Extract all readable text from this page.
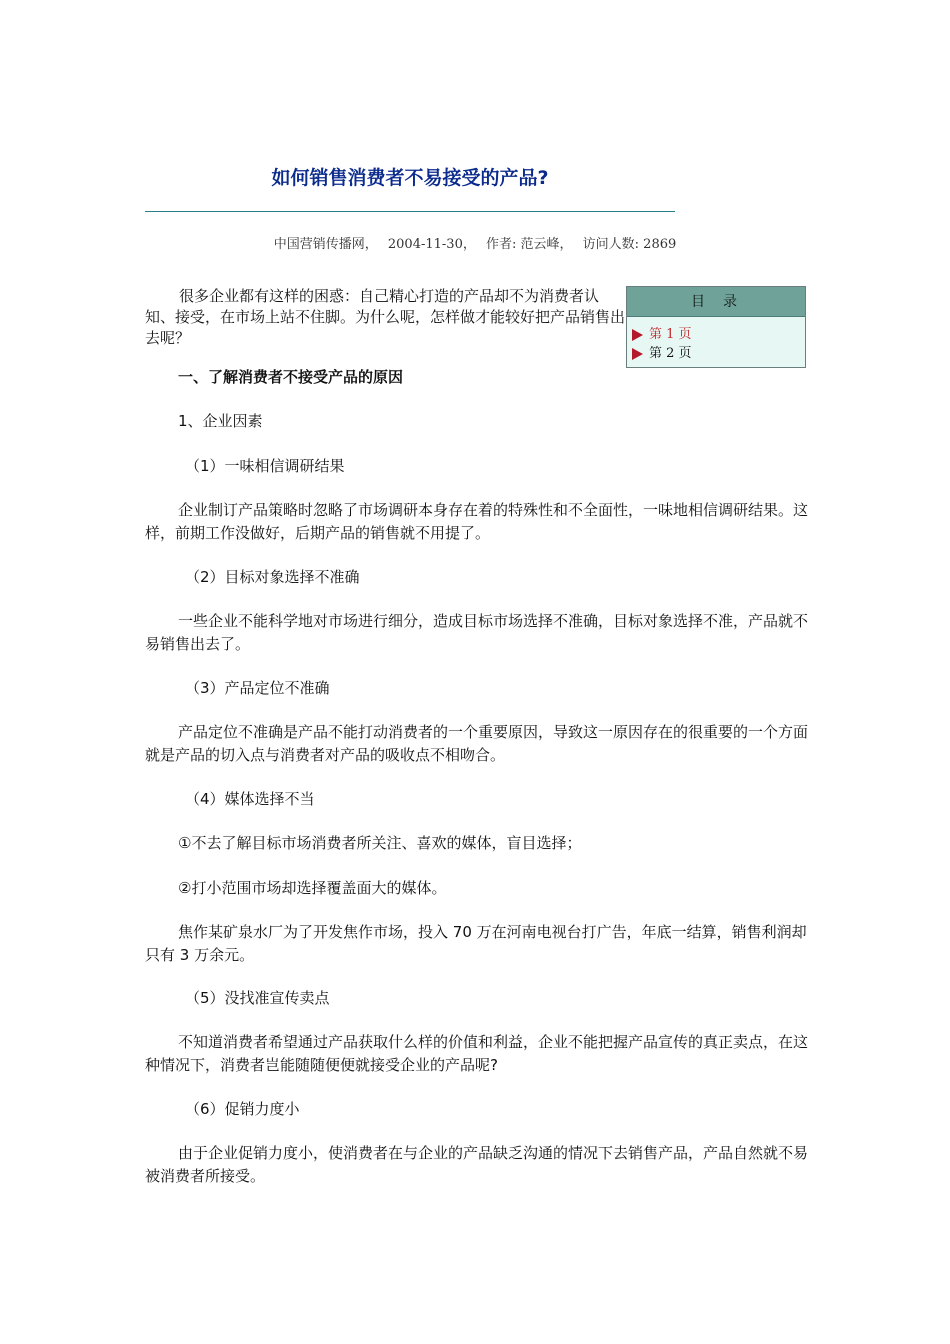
如何销售消费者不易接受的产品?
中国营销传播网， 2004-11-30， 作者: 范云峰， 访问人数: 2869
很多企业都有这样的困惑：自己精心打造的产品却不为消费者认知、接受，在市场上站不住脚。为什么呢，怎样做才能较好把产品销售出去呢？
目录
第 1 页
第 2 页
一、了解消费者不接受产品的原因
1、企业因素
（1）一味相信调研结果
企业制订产品策略时忽略了市场调研本身存在着的特殊性和不全面性，一味地相信调研结果。这样，前期工作没做好，后期产品的销售就不用提了。
（2）目标对象选择不准确
一些企业不能科学地对市场进行细分，造成目标市场选择不准确，目标对象选择不准，产品就不易销售出去了。
（3）产品定位不准确
产品定位不准确是产品不能打动消费者的一个重要原因，导致这一原因存在的很重要的一个方面就是产品的切入点与消费者对产品的吸收点不相吻合。
（4）媒体选择不当
①不去了解目标市场消费者所关注、喜欢的媒体，盲目选择；
②打小范围市场却选择覆盖面大的媒体。
焦作某矿泉水厂为了开发焦作市场，投入 70 万在河南电视台打广告，年底一结算，销售利润却只有 3 万余元。
（5）没找准宣传卖点
不知道消费者希望通过产品获取什么样的价值和利益，企业不能把握产品宣传的真正卖点，在这种情况下，消费者岂能随随便便就接受企业的产品呢?
（6）促销力度小
由于企业促销力度小，使消费者在与企业的产品缺乏沟通的情况下去销售产品，产品自然就不易被消费者所接受。
